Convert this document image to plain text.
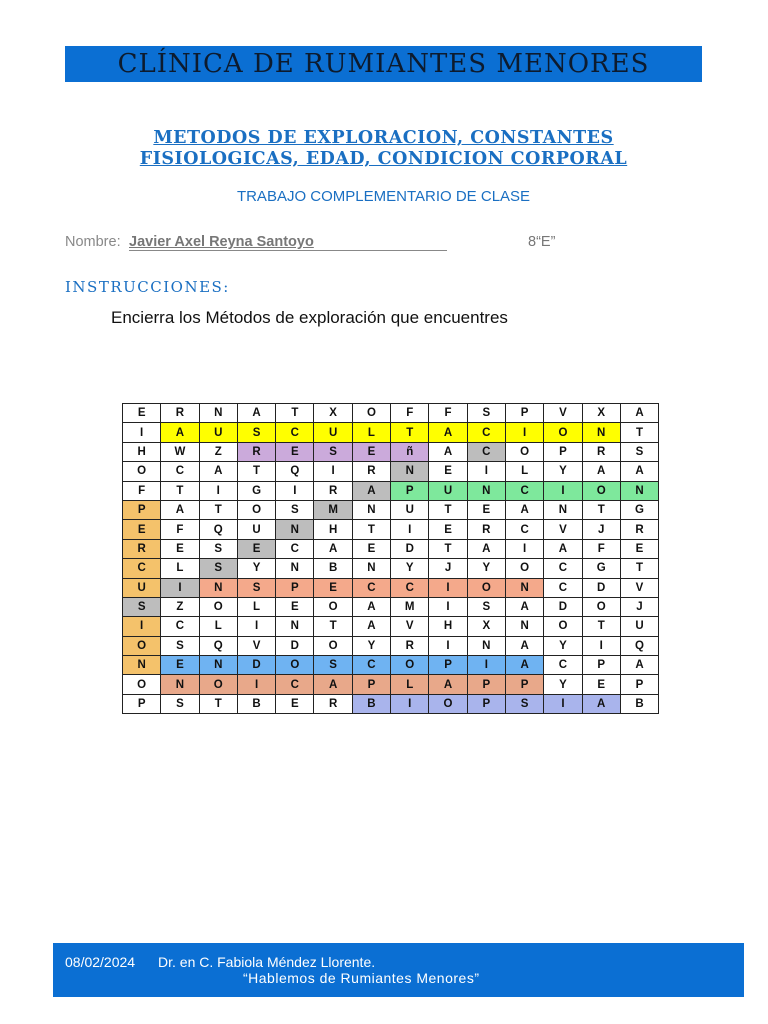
CLÍNICA DE RUMIANTES MENORES
METODOS DE EXPLORACION, CONSTANTES
FISIOLOGICAS, EDAD, CONDICION CORPORAL
TRABAJO COMPLEMENTARIO DE CLASE
Nombre: Javier Axel Reyna Santoyo	8“E”
INSTRUCCIONES:
Encierra los Métodos de exploración que encuentres
E	R	N	A	T	X	O	F	F	S	P	V	X	A
I	A	U	S	C	U	L	T	A	C	I	O	N	T
H	W	Z	R	E	S	E	ñ	A	C	O	P	R	S
O	C	A	T	Q	I	R	N	E	I	L	Y	A	A
F	T	I	G	I	R	A	P	U	N	C	I	O	N
P	A	T	O	S	M	N	U	T	E	A	N	T	G
E	F	Q	U	N	H	T	I	E	R	C	V	J	R
R	E	S	E	C	A	E	D	T	A	I	A	F	E
C	L	S	Y	N	B	N	Y	J	Y	O	C	G	T
U	I	N	S	P	E	C	C	I	O	N	C	D	V
S	Z	O	L	E	O	A	M	I	S	A	D	O	J
I	C	L	I	N	T	A	V	H	X	N	O	T	U
O	S	Q	V	D	O	Y	R	I	N	A	Y	I	Q
N	E	N	D	O	S	C	O	P	I	A	C	P	A
O	N	O	I	C	A	P	L	A	P	P	Y	E	P
P	S	T	B	E	R	B	I	O	P	S	I	A	B
08/02/2024 Dr. en C. Fabiola Méndez Llorente.
“Hablemos de Rumiantes Menores”
